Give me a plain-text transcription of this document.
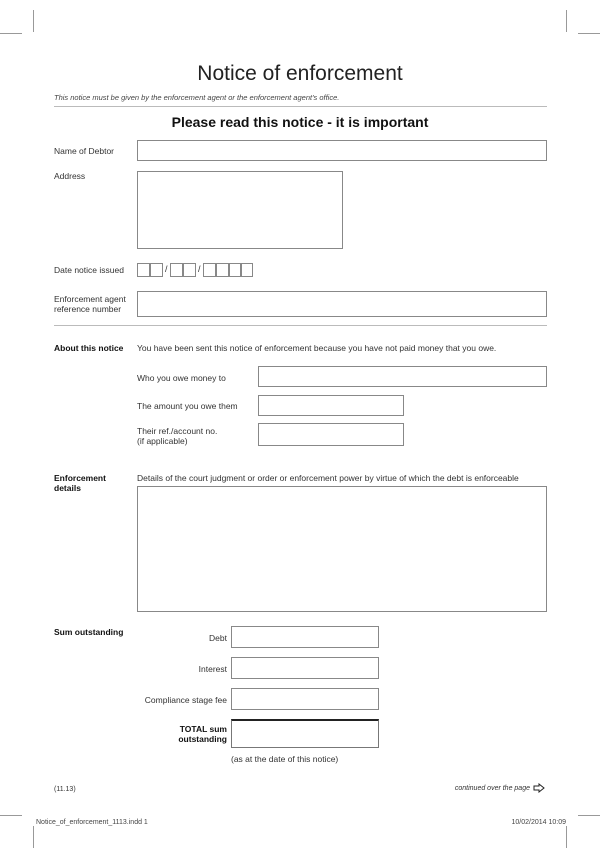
Notice of enforcement
This notice must be given by the enforcement agent or the enforcement agent's office.
Please read this notice - it is important
Name of Debtor
Address
Date notice issued	/	/
Enforcement agent
reference number
About this notice You have been sent this notice of enforcement because you have not paid money that you owe.
Who you owe money to
The amount you owe them
Their ref./account no.
(if applicable)
Enforcement
details
Details of the court judgment or order or enforcement power by virtue of which the debt is enforceable
Sum outstanding
Debt
Interest
Compliance stage fee
TOTAL sum
outstanding
(as at the date of this notice)
(11.13)	continued over the page
Notice_of_enforcement_1113.indd 1	10/02/2014 10:09
